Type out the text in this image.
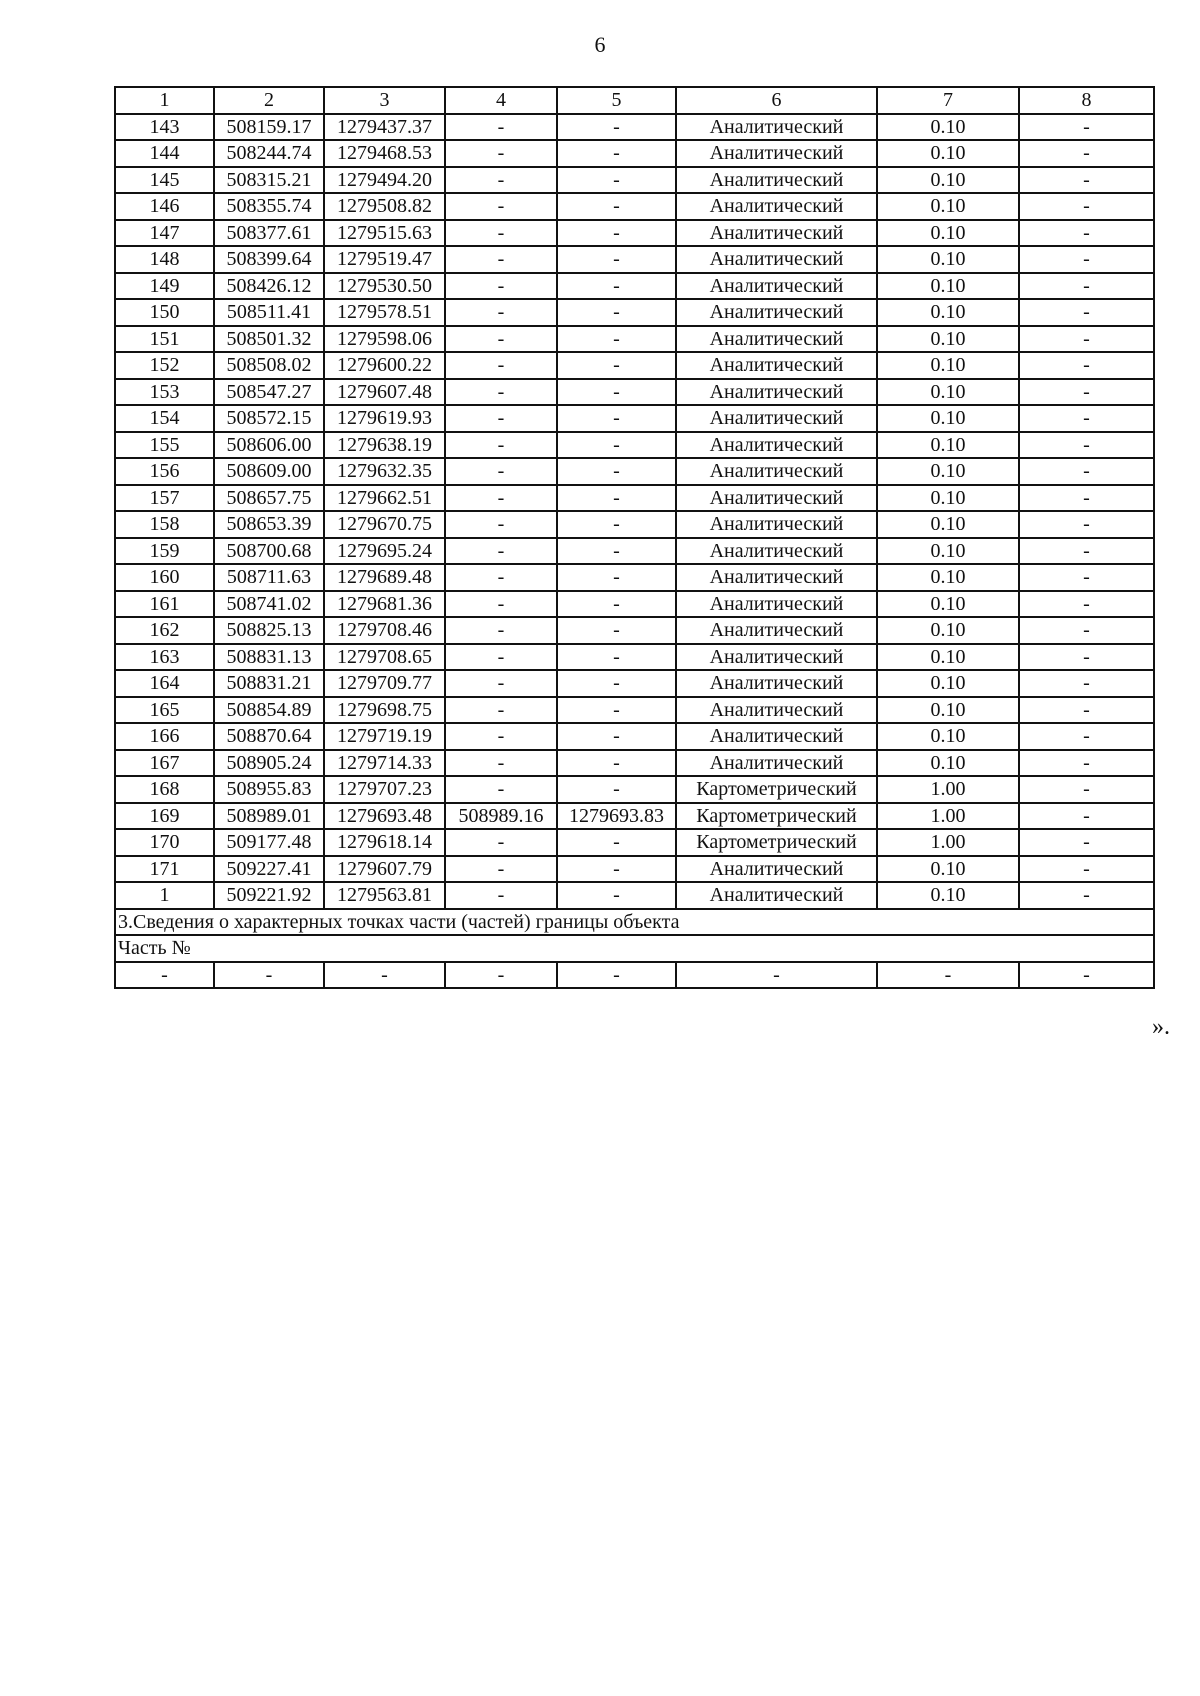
6
1	2	3	4	5	6	7	8
143	508159.17	1279437.37	-	-	Аналитический	0.10	-
144	508244.74	1279468.53	-	-	Аналитический	0.10	-
145	508315.21	1279494.20	-	-	Аналитический	0.10	-
146	508355.74	1279508.82	-	-	Аналитический	0.10	-
147	508377.61	1279515.63	-	-	Аналитический	0.10	-
148	508399.64	1279519.47	-	-	Аналитический	0.10	-
149	508426.12	1279530.50	-	-	Аналитический	0.10	-
150	508511.41	1279578.51	-	-	Аналитический	0.10	-
151	508501.32	1279598.06	-	-	Аналитический	0.10	-
152	508508.02	1279600.22	-	-	Аналитический	0.10	-
153	508547.27	1279607.48	-	-	Аналитический	0.10	-
154	508572.15	1279619.93	-	-	Аналитический	0.10	-
155	508606.00	1279638.19	-	-	Аналитический	0.10	-
156	508609.00	1279632.35	-	-	Аналитический	0.10	-
157	508657.75	1279662.51	-	-	Аналитический	0.10	-
158	508653.39	1279670.75	-	-	Аналитический	0.10	-
159	508700.68	1279695.24	-	-	Аналитический	0.10	-
160	508711.63	1279689.48	-	-	Аналитический	0.10	-
161	508741.02	1279681.36	-	-	Аналитический	0.10	-
162	508825.13	1279708.46	-	-	Аналитический	0.10	-
163	508831.13	1279708.65	-	-	Аналитический	0.10	-
164	508831.21	1279709.77	-	-	Аналитический	0.10	-
165	508854.89	1279698.75	-	-	Аналитический	0.10	-
166	508870.64	1279719.19	-	-	Аналитический	0.10	-
167	508905.24	1279714.33	-	-	Аналитический	0.10	-
168	508955.83	1279707.23	-	-	Картометрический	1.00	-
169	508989.01	1279693.48	508989.16	1279693.83	Картометрический	1.00	-
170	509177.48	1279618.14	-	-	Картометрический	1.00	-
171	509227.41	1279607.79	-	-	Аналитический	0.10	-
1	509221.92	1279563.81	-	-	Аналитический	0.10	-
3.Сведения о характерных точках части (частей) границы объекта							
Часть №							
-	-	-	-	-	-	-	-
».
